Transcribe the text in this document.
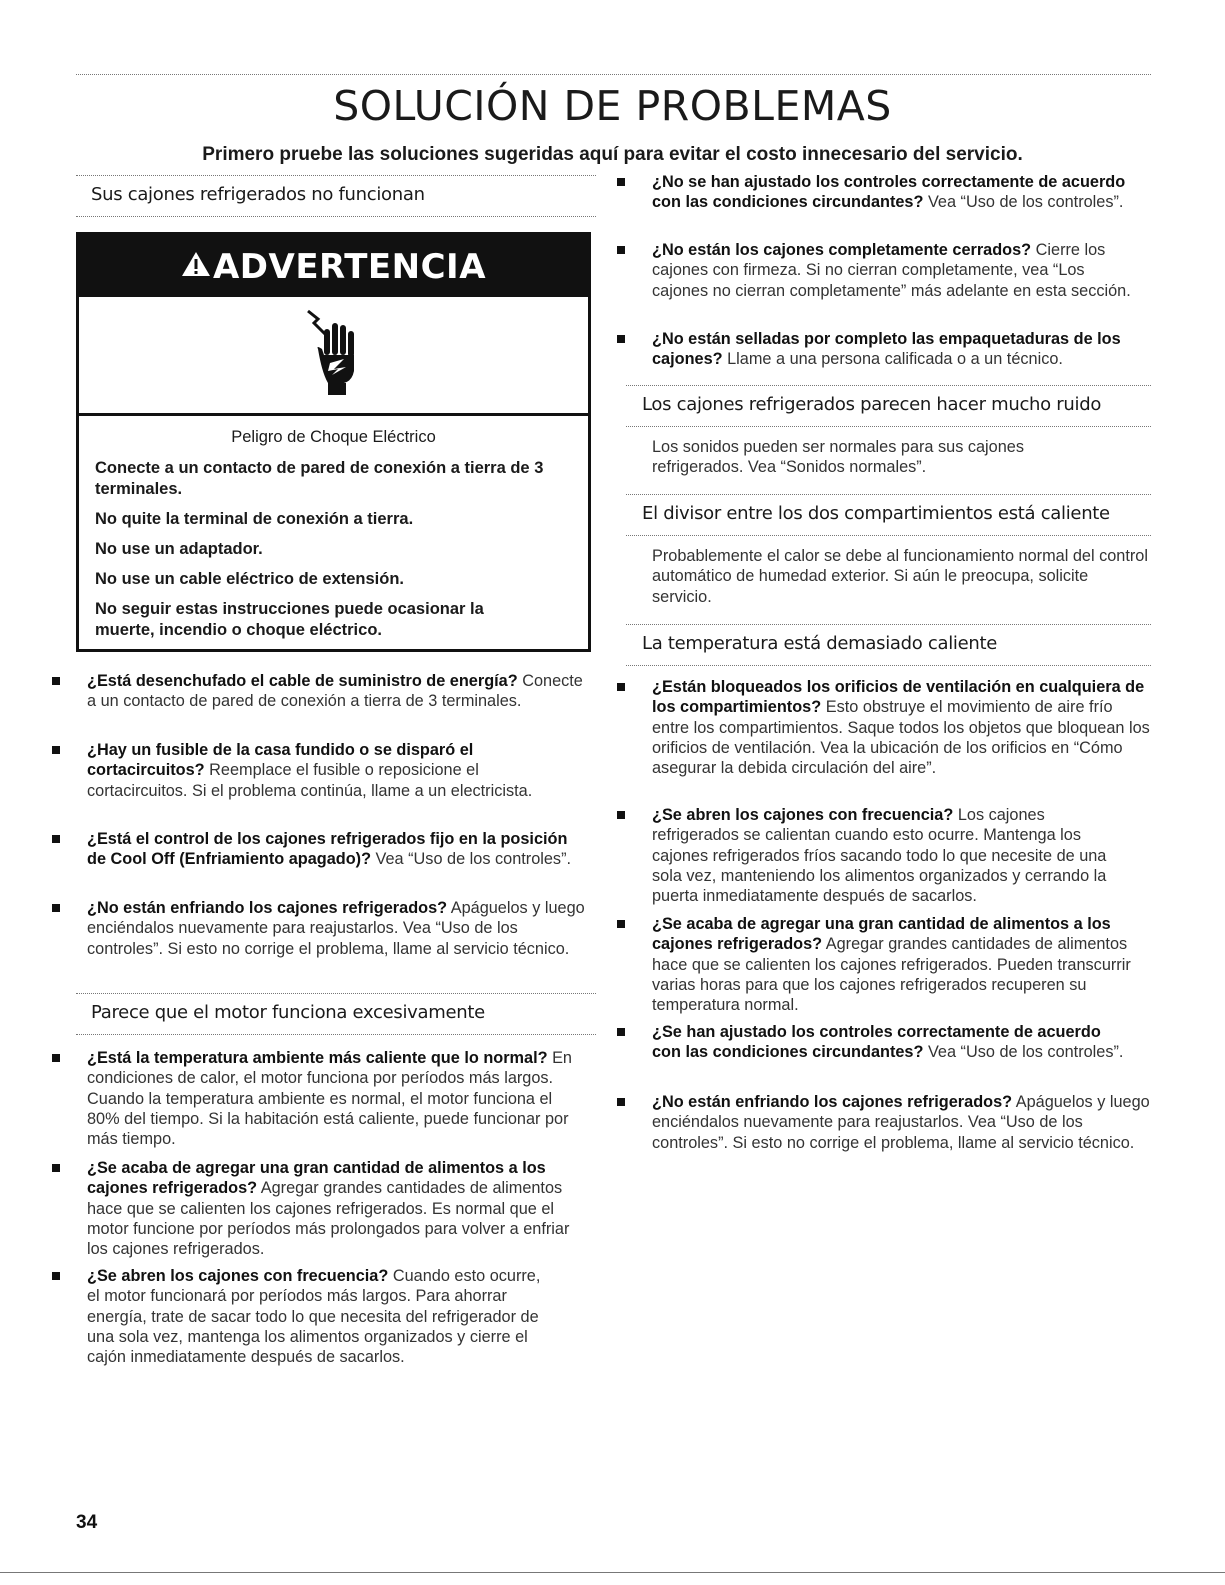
SOLUCIÓN DE PROBLEMAS

Primero pruebe las soluciones sugeridas aquí para evitar el costo innecesario del servicio.

Sus cajones refrigerados no funcionan
ADVERTENCIA
Peligro de Choque Eléctrico

Conecte a un contacto de pared de conexión a tierra de 3 terminales.

No quite la terminal de conexión a tierra.

No use un adaptador.

No use un cable eléctrico de extensión.

No seguir estas instrucciones puede ocasionar la muerte, incendio o choque eléctrico.

¿Está desenchufado el cable de suministro de energía? Conecte a un contacto de pared de conexión a tierra de 3 terminales.

¿Hay un fusible de la casa fundido o se disparó el cortacircuitos? Reemplace el fusible o reposicione el cortacircuitos. Si el problema continúa, llame a un electricista.

¿Está el control de los cajones refrigerados fijo en la posición de Cool Off (Enfriamiento apagado)? Vea “Uso de los controles”.

¿No están enfriando los cajones refrigerados? Apáguelos y luego enciéndalos nuevamente para reajustarlos. Vea “Uso de los controles”. Si esto no corrige el problema, llame al servicio técnico.

Parece que el motor funciona excesivamente

¿Está la temperatura ambiente más caliente que lo normal? En condiciones de calor, el motor funciona por períodos más largos. Cuando la temperatura ambiente es normal, el motor funciona el 80% del tiempo. Si la habitación está caliente, puede funcionar por más tiempo.

¿Se acaba de agregar una gran cantidad de alimentos a los cajones refrigerados? Agregar grandes cantidades de alimentos hace que se calienten los cajones refrigerados. Es normal que el motor funcione por períodos más prolongados para volver a enfriar los cajones refrigerados.

¿Se abren los cajones con frecuencia? Cuando esto ocurre, el motor funcionará por períodos más largos. Para ahorrar energía, trate de sacar todo lo que necesita del refrigerador de una sola vez, mantenga los alimentos organizados y cierre el cajón inmediatamente después de sacarlos.

¿No se han ajustado los controles correctamente de acuerdo con las condiciones circundantes? Vea “Uso de los controles”.

¿No están los cajones completamente cerrados? Cierre los cajones con firmeza. Si no cierran completamente, vea “Los cajones no cierran completamente” más adelante en esta sección.

¿No están selladas por completo las empaquetaduras de los cajones? Llame a una persona calificada o a un técnico.

Los cajones refrigerados parecen hacer mucho ruido

Los sonidos pueden ser normales para sus cajones refrigerados. Vea “Sonidos normales”.

El divisor entre los dos compartimientos está caliente

Probablemente el calor se debe al funcionamiento normal del control automático de humedad exterior. Si aún le preocupa, solicite servicio.

La temperatura está demasiado caliente

¿Están bloqueados los orificios de ventilación en cualquiera de los compartimientos? Esto obstruye el movimiento de aire frío entre los compartimientos. Saque todos los objetos que bloquean los orificios de ventilación. Vea la ubicación de los orificios en “Cómo asegurar la debida circulación del aire”.

¿Se abren los cajones con frecuencia? Los cajones refrigerados se calientan cuando esto ocurre. Mantenga los cajones refrigerados fríos sacando todo lo que necesite de una sola vez, manteniendo los alimentos organizados y cerrando la puerta inmediatamente después de sacarlos.

¿Se acaba de agregar una gran cantidad de alimentos a los cajones refrigerados? Agregar grandes cantidades de alimentos hace que se calienten los cajones refrigerados. Pueden transcurrir varias horas para que los cajones refrigerados recuperen su temperatura normal.

¿Se han ajustado los controles correctamente de acuerdo con las condiciones circundantes? Vea “Uso de los controles”.

¿No están enfriando los cajones refrigerados? Apáguelos y luego enciéndalos nuevamente para reajustarlos. Vea “Uso de los controles”. Si esto no corrige el problema, llame al servicio técnico.

34
